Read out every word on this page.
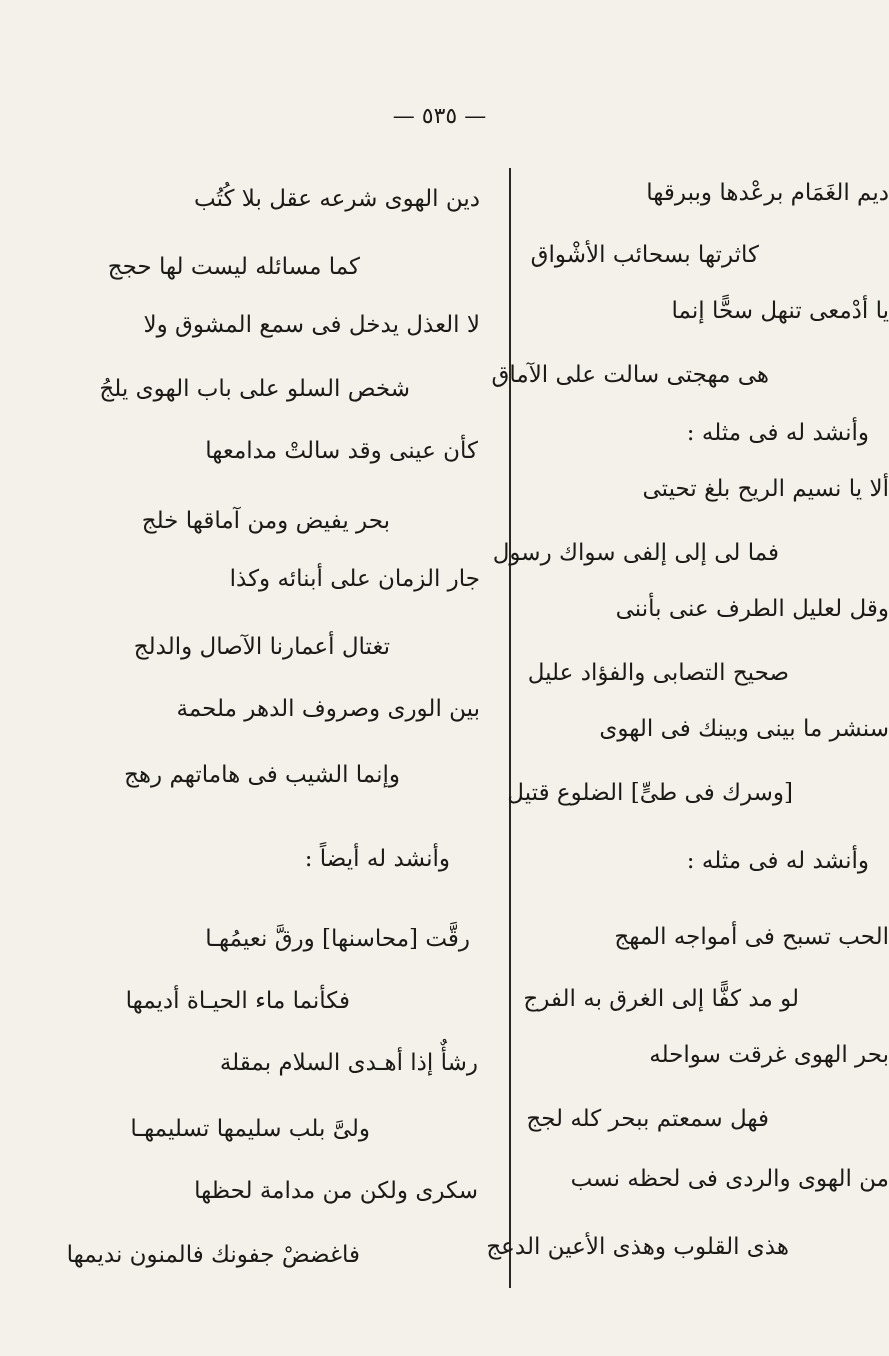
— ٥٣٥ —
ديم الغَمَام برعْدها وببرقها
كاثرتها بسحائب الأشْواق
يا أدْمعى تنهل سحًّا إنما
هى مهجتى سالت على الآماق
وأنشد له فى مثله :
ألا يا نسيم الريح بلغ تحيتى
فما لى إلى إلفى سواك رسول
وقل لعليل الطرف عنى بأننى
صحيح التصابى والفؤاد عليل
سنشر ما بينى وبينك فى الهوى
[وسرك فى طىٍّ] الضلوع قتيل
وأنشد له فى مثله :
الحب تسبح فى أمواجه المهج
لو مد كفًّا إلى الغرق به الفرج
بحر الهوى غرقت سواحله
فهل سمعتم ببحر كله لجج
من الهوى والردى فى لحظه نسب
هذى القلوب وهذى الأعين الدعج
دين الهوى شرعه عقل بلا كُتُب
كما مسائله ليست لها حجج
لا العذل يدخل فى سمع المشوق ولا
شخص السلو على باب الهوى يلجُ
كأن عينى وقد سالتْ مدامعها
بحر يفيض ومن آماقها خلج
جار الزمان على أبنائه وكذا
تغتال أعمارنا الآصال والدلج
بين الورى وصروف الدهر ملحمة
وإنما الشيب فى هاماتهم رهج
وأنشد له أيضاً :
رقَّت [محاسنها] ورقَّ نعيمُهـا
فكأنما ماء الحيـاة أديمها
رشأٌ إذا أهـدى السلام بمقلة
ولىَّ بلب سليمها تسليمهـا
سكرى ولكن من مدامة لحظها
فاغضضْ جفونك فالمنون نديمها
